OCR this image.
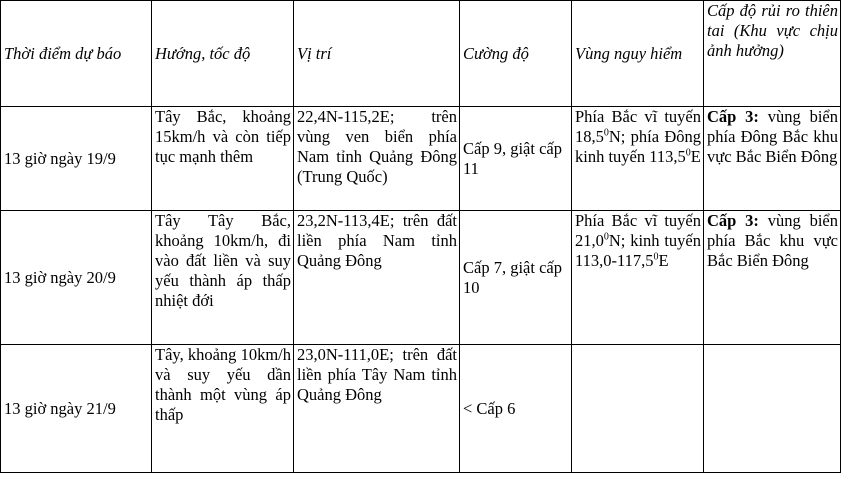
Thời điểm dự báo	Hướng, tốc độ	Vị trí	Cường độ	Vùng nguy hiểm	Cấp độ rủi ro thiên tai (Khu vực chịu ảnh hưởng)
13 giờ ngày 19/9	Tây Bắc, khoảng 15km/h và còn tiếp tục mạnh thêm	22,4N-115,2E; trên vùng ven biển phía Nam tỉnh Quảng Đông (Trung Quốc)	Cấp 9, giật cấp 11	Phía Bắc vĩ tuyến 18,5$^0$N; phía Đông kinh tuyến 113,5$^0$E	Cấp 3: vùng biển phía Đông Bắc khu vực Bắc Biển Đông
13 giờ ngày 20/9	Tây Tây Bắc, khoảng 10km/h, đi vào đất liền và suy yếu thành áp thấp nhiệt đới	23,2N-113,4E; trên đất liền phía Nam tỉnh Quảng Đông	Cấp 7, giật cấp 10	Phía Bắc vĩ tuyến 21,0$^0$N; kinh tuyến 113,0-117,5$^0$E	Cấp 3: vùng biển phía Bắc khu vực Bắc Biển Đông
13 giờ ngày 21/9	Tây, khoảng 10km/h và suy yếu dần thành một vùng áp thấp	23,0N-111,0E; trên đất liền phía Tây Nam tỉnh Quảng Đông	< Cấp 6		
